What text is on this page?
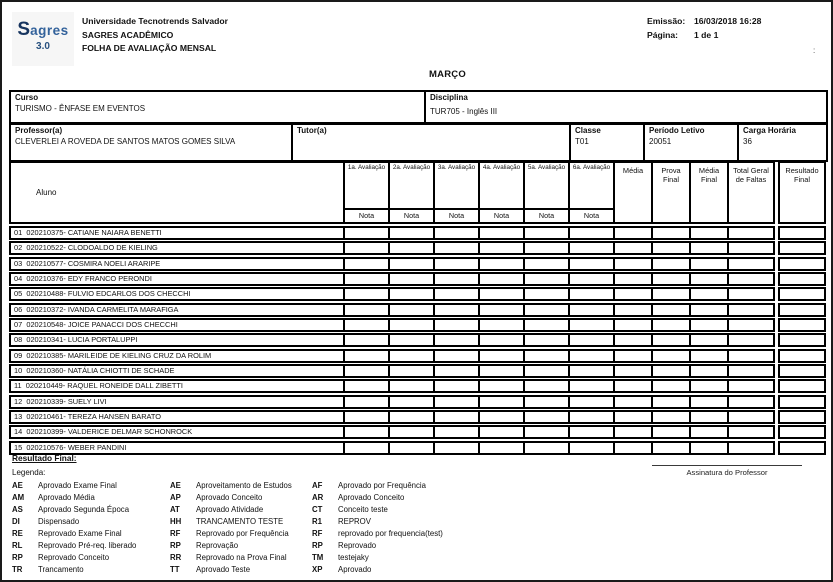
Sagres
3.0
Universidade Tecnotrends Salvador
SAGRES ACADÊMICO
FOLHA DE AVALIAÇÃO MENSAL
Emissão: 16/03/2018 16:28
Página: 1 de 1
:
MARÇO
Curso
TURISMO - ÊNFASE EM EVENTOS
Disciplina
TUR705 - Inglês III
Professor(a)
CLEVERLEI A ROVEDA DE SANTOS MATOS GOMES SILVA
Tutor(a)	Classe
T01
Período Letivo
20051
Carga Horária
36
Aluno
1a. Avaliação
Nota
2a. Avaliação
Nota
3a. Avaliação
Nota
4a. Avaliação
Nota
5a. Avaliação
Nota
6a. Avaliação
Nota
Média	Prova Final
Média Final
Total Geral de Faltas
Resultado Final
01  020210375- CATIANE NAIARA BENETTI
02  020210522- CLODOALDO DE KIELING
03  020210577- COSMIRA NOELI ARARIPE
04  020210376- EDY FRANCO PERONDI
05  020210488- FULVIO EDCARLOS DOS CHECCHI
06  020210372- IVANDA CARMELITA MARAFIGA
07  020210548- JOICE PANACCI DOS CHECCHI
08  020210341- LUCIA PORTALUPPI
09  020210385- MARILEIDE DE KIELING CRUZ DA ROLIM
10  020210360- NATÁLIA CHIOTTI DE SCHADE
11  020210449- RAQUEL RONEIDE DALL ZIBETTI
12  020210339- SUELY LIVI
13  020210461- TEREZA HANSEN BARATO
14  020210399- VALDERICE DELMAR SCHONROCK
15  020210576- WEBER PANDINI
Resultado Final:
Legenda:
AE Aprovado Exame Final
AM Aprovado Média
AS Aprovado Segunda Época
DI Dispensado
RE Reprovado Exame Final
RL Reprovado Pré-req. liberado
RP Reprovado Conceito
TR Trancamento
AE Aproveitamento de Estudos
AP Aprovado Conceito
AT Aprovado Atividade
HH TRANCAMENTO TESTE
RF Reprovado por Frequência
RP Reprovação
RR Reprovado na Prova Final
TT Aprovado Teste
AF Aprovado por Frequência
AR Aprovado Conceito
CT Conceito teste
R1 REPROV
RF reprovado por frequencia(test)
RP Reprovado
TM testejaky
XP Aprovado
Assinatura do Professor
